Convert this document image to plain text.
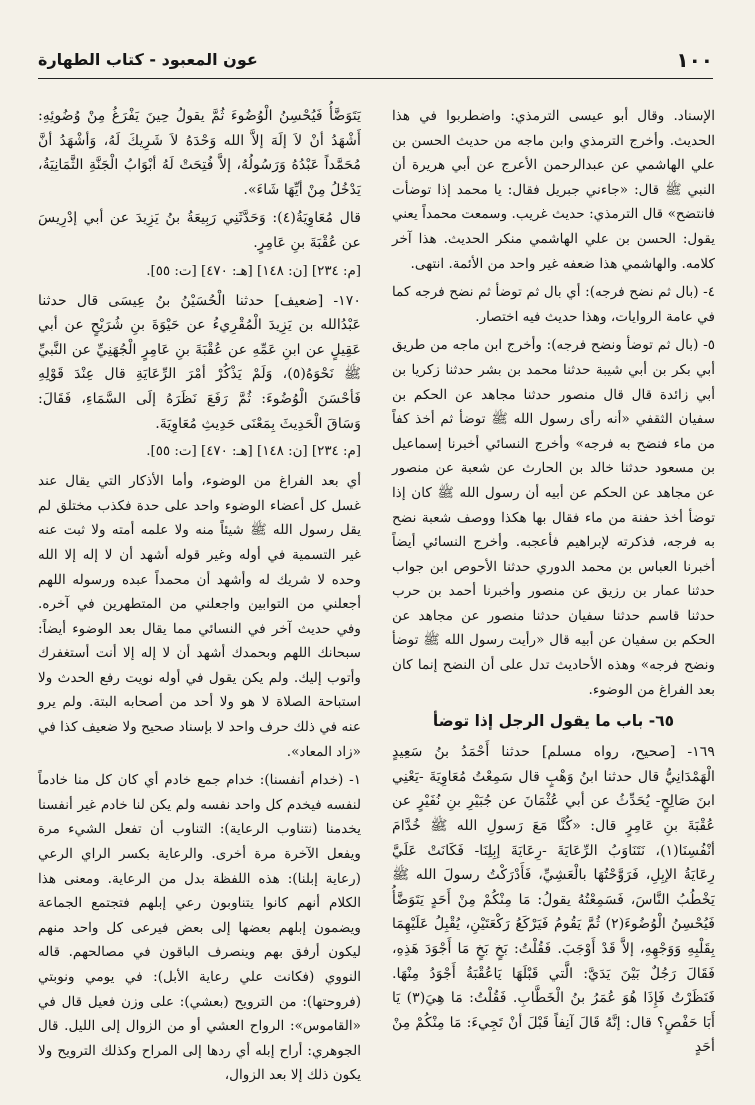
١٠٠
عون المعبود - كتاب الطهارة

الإسناد. وقال أبو عيسى الترمذي: واضطربوا في هذا الحديث. وأخرج الترمذي وابن ماجه من حديث الحسن بن علي الهاشمي عن عبدالرحمن الأعرج عن أبي هريرة أن النبي ﷺ قال: «جاءني جبريل فقال: يا محمد إذا توضأت فانتضح» قال الترمذي: حديث غريب. وسمعت محمداً يعني يقول: الحسن بن علي الهاشمي منكر الحديث. هذا آخر كلامه. والهاشمي هذا ضعفه غير واحد من الأئمة. انتهى.

٤- (بال ثم نضح فرجه): أي بال ثم توضأ ثم نضح فرجه كما في عامة الروايات، وهذا حديث فيه اختصار.

٥- (بال ثم توضأ ونضح فرجه): وأخرج ابن ماجه من طريق أبي بكر بن أبي شيبة حدثنا محمد بن بشر حدثنا زكريا بن أبي زائدة قال قال منصور حدثنا مجاهد عن الحكم بن سفيان الثقفي «أنه رأى رسول الله ﷺ توضأ ثم أخذ كفاً من ماء فنضح به فرجه» وأخرج النسائي أخبرنا إسماعيل بن مسعود حدثنا خالد بن الحارث عن شعبة عن منصور عن مجاهد عن الحكم عن أبيه أن رسول الله ﷺ كان إذا توضأ أخذ حفنة من ماء فقال بها هكذا ووصف شعبة نضح به فرجه، فذكرته لإبراهيم فأعجبه. وأخرج النسائي أيضاً أخبرنا العباس بن محمد الدوري حدثنا الأحوص ابن جواب حدثنا عمار بن رزيق عن منصور وأخبرنا أحمد بن حرب حدثنا قاسم حدثنا سفيان حدثنا منصور عن مجاهد عن الحكم بن سفيان عن أبيه قال «رأيت رسول الله ﷺ توضأ ونضح فرجه» وهذه الأحاديث تدل على أن النضح إنما كان بعد الفراغ من الوضوء.

٦٥- باب ما يقول الرجل إذا توضأ

١٦٩- [صحيح، رواه مسلم] حدثنا أَحْمَدُ بنُ سَعِيدٍ الْهَمْدَانِيُّ قال حدثنا ابنُ وَهْبٍ قال سَمِعْتُ مُعَاوِيَةَ -يَعْنِي ابنَ صَالِحٍ- يُحَدِّثُ عن أبي عُثْمَانَ عن جُبَيْرِ بنِ نُفَيْرٍ عن عُقْبَةَ بنِ عَامِرٍ قال: «كُنَّا مَعَ رَسولِ الله ﷺ خُدَّامَ أنْفُسِنَا(١)، نَتَنَاوَبُ الرِّعَايَةَ -رِعَايَةَ إبِلِنَا- فَكَانَتْ عَلَيَّ رِعَايَةُ الإبِلِ، فَرَوَّحْتُهَا بالْعَشِيِّ، فَأَدْرَكْتُ رسولَ الله ﷺ يَخْطُبُ النَّاسَ، فَسَمِعْتُهُ يقولُ: مَا مِنْكُمْ مِنْ أَحَدٍ يَتَوَضَّأُ فَيُحْسِنُ الْوُضُوءَ(٢) ثُمَّ يَقُومُ فَيَرْكَعُ رَكْعَتَيْنِ، يُقْبِلُ عَلَيْهِمَا بِقَلْبِهِ وَوَجْهِهِ، إلاَّ قَدْ أَوْجَبَ. فَقُلْتُ: بَخٍ بَخٍ مَا أَجْوَدَ هَذِهِ، فَقَالَ رَجُلٌ بَيْنَ يَدَيَّ: الَّتي قَبْلَهَا يَاعُقْبَةُ أَجْوَدُ مِنْهَا. فَنَظَرْتُ فَإِذَا هُوَ عُمَرُ بنُ الْخَطَّابِ. فَقُلْتُ: مَا هِيَ(٣) يَا أَبَا حَفْصٍ؟ قال: إنَّهُ قَالَ آنِفاً قَبْلَ أنْ تَجِيءَ: مَا مِنْكُمْ مِنْ أحَدٍ

يَتَوَضَّأُ فَيُحْسِنُ الْوُضُوءَ ثُمَّ يقولُ حِينَ يَفْرَغُ مِنْ وُضُوئِهِ: أَشْهَدُ أنْ لاَ إلَهَ إلاَّ الله وَحْدَهُ لاَ شَرِيكَ لَهُ، وَأشْهَدُ أنَّ مُحَمَّداً عَبْدُهُ وَرَسُولُهُ، إلاَّ فُتِحَتْ لَهُ أبْوَابُ الْجَنَّةِ الثَّمَانِيَةُ، يَدْخُلُ مِنْ أيِّهَا شَاءَ».

قال مُعَاوِيَةُ(٤): وَحَدَّثَنِي رَبِيعَةُ بنُ يَزِيدَ عن أبي إدْرِيسَ عن عُقْبَةَ بنِ عَامِرٍ.

[م: ٢٣٤] [ن: ١٤٨] [هـ: ٤٧٠] [ت: ٥٥].

١٧٠- [ضعيف] حدثنا الْحُسَيْنُ بنُ عِيسَى قال حدثنا عَبْدُالله بن يَزِيدَ الْمُقْرِيءُ عن حَيْوَةَ بنِ شُرَيْحٍ عن أبي عَقِيلٍ عن ابنِ عَمِّهِ عن عُقْبَةَ بنِ عَامِرٍ الْجُهَنِيِّ عن النَّبيِّ ﷺ نَحْوَهُ(٥)، وَلَمْ يَذْكُرْ أمْرَ الرِّعَايَةِ قال عِنْدَ قَوْلِهِ فَأحْسَنَ الْوُضُوءَ: ثُمَّ رَفَعَ نَظَرَهُ إلَى السَّمَاءِ، فَقَالَ: وَسَاقَ الْحَدِيثَ بِمَعْنَى حَدِيثِ مُعَاوِيَةَ.

[م: ٢٣٤] [ن: ١٤٨] [هـ: ٤٧٠] [ت: ٥٥].

أي بعد الفراغ من الوضوء، وأما الأذكار التي يقال عند غسل كل أعضاء الوضوء واحد على حدة فكذب مختلق لم يقل رسول الله ﷺ شيئاً منه ولا علمه أمته ولا ثبت عنه غير التسمية في أوله وغير قوله أشهد أن لا إله إلا الله وحده لا شريك له وأشهد أن محمداً عبده ورسوله اللهم أجعلني من التوابين واجعلني من المتطهرين في آخره. وفي حديث آخر في النسائي مما يقال بعد الوضوء أيضاً: سبحانك اللهم وبحمدك أشهد أن لا إله إلا أنت أستغفرك وأتوب إليك. ولم يكن يقول في أوله نويت رفع الحدث ولا استباحة الصلاة لا هو ولا أحد من أصحابه البتة. ولم يرو عنه في ذلك حرف واحد لا بإسناد صحيح ولا ضعيف كذا في «زاد المعاد».

١- (خدام أنفسنا): خدام جمع خادم أي كان كل منا خادماً لنفسه فيخدم كل واحد نفسه ولم يكن لنا خادم غير أنفسنا يخدمنا (نتناوب الرعاية): التناوب أن تفعل الشيء مرة ويفعل الآخرة مرة أخرى. والرعاية بكسر الراي الرعي (رعاية إبلنا): هذه اللفظة بدل من الرعاية. ومعنى هذا الكلام أنهم كانوا يتناوبون رعي إبلهم فتجتمع الجماعة ويضمون إبلهم بعضها إلى بعض فيرعى كل واحد منهم ليكون أرفق بهم وينصرف الباقون في مصالحهم. قاله النووي (فكانت علي رعاية الأبل): في يومي ونوبتي (فروحتها): من الترويح (بعشي): على وزن فعيل قال في «القاموس»: الرواح العشي أو من الزوال إلى الليل. قال الجوهري: أراح إبله أي ردها إلى المراح وكذلك الترويح ولا يكون ذلك إلا بعد الزوال،
